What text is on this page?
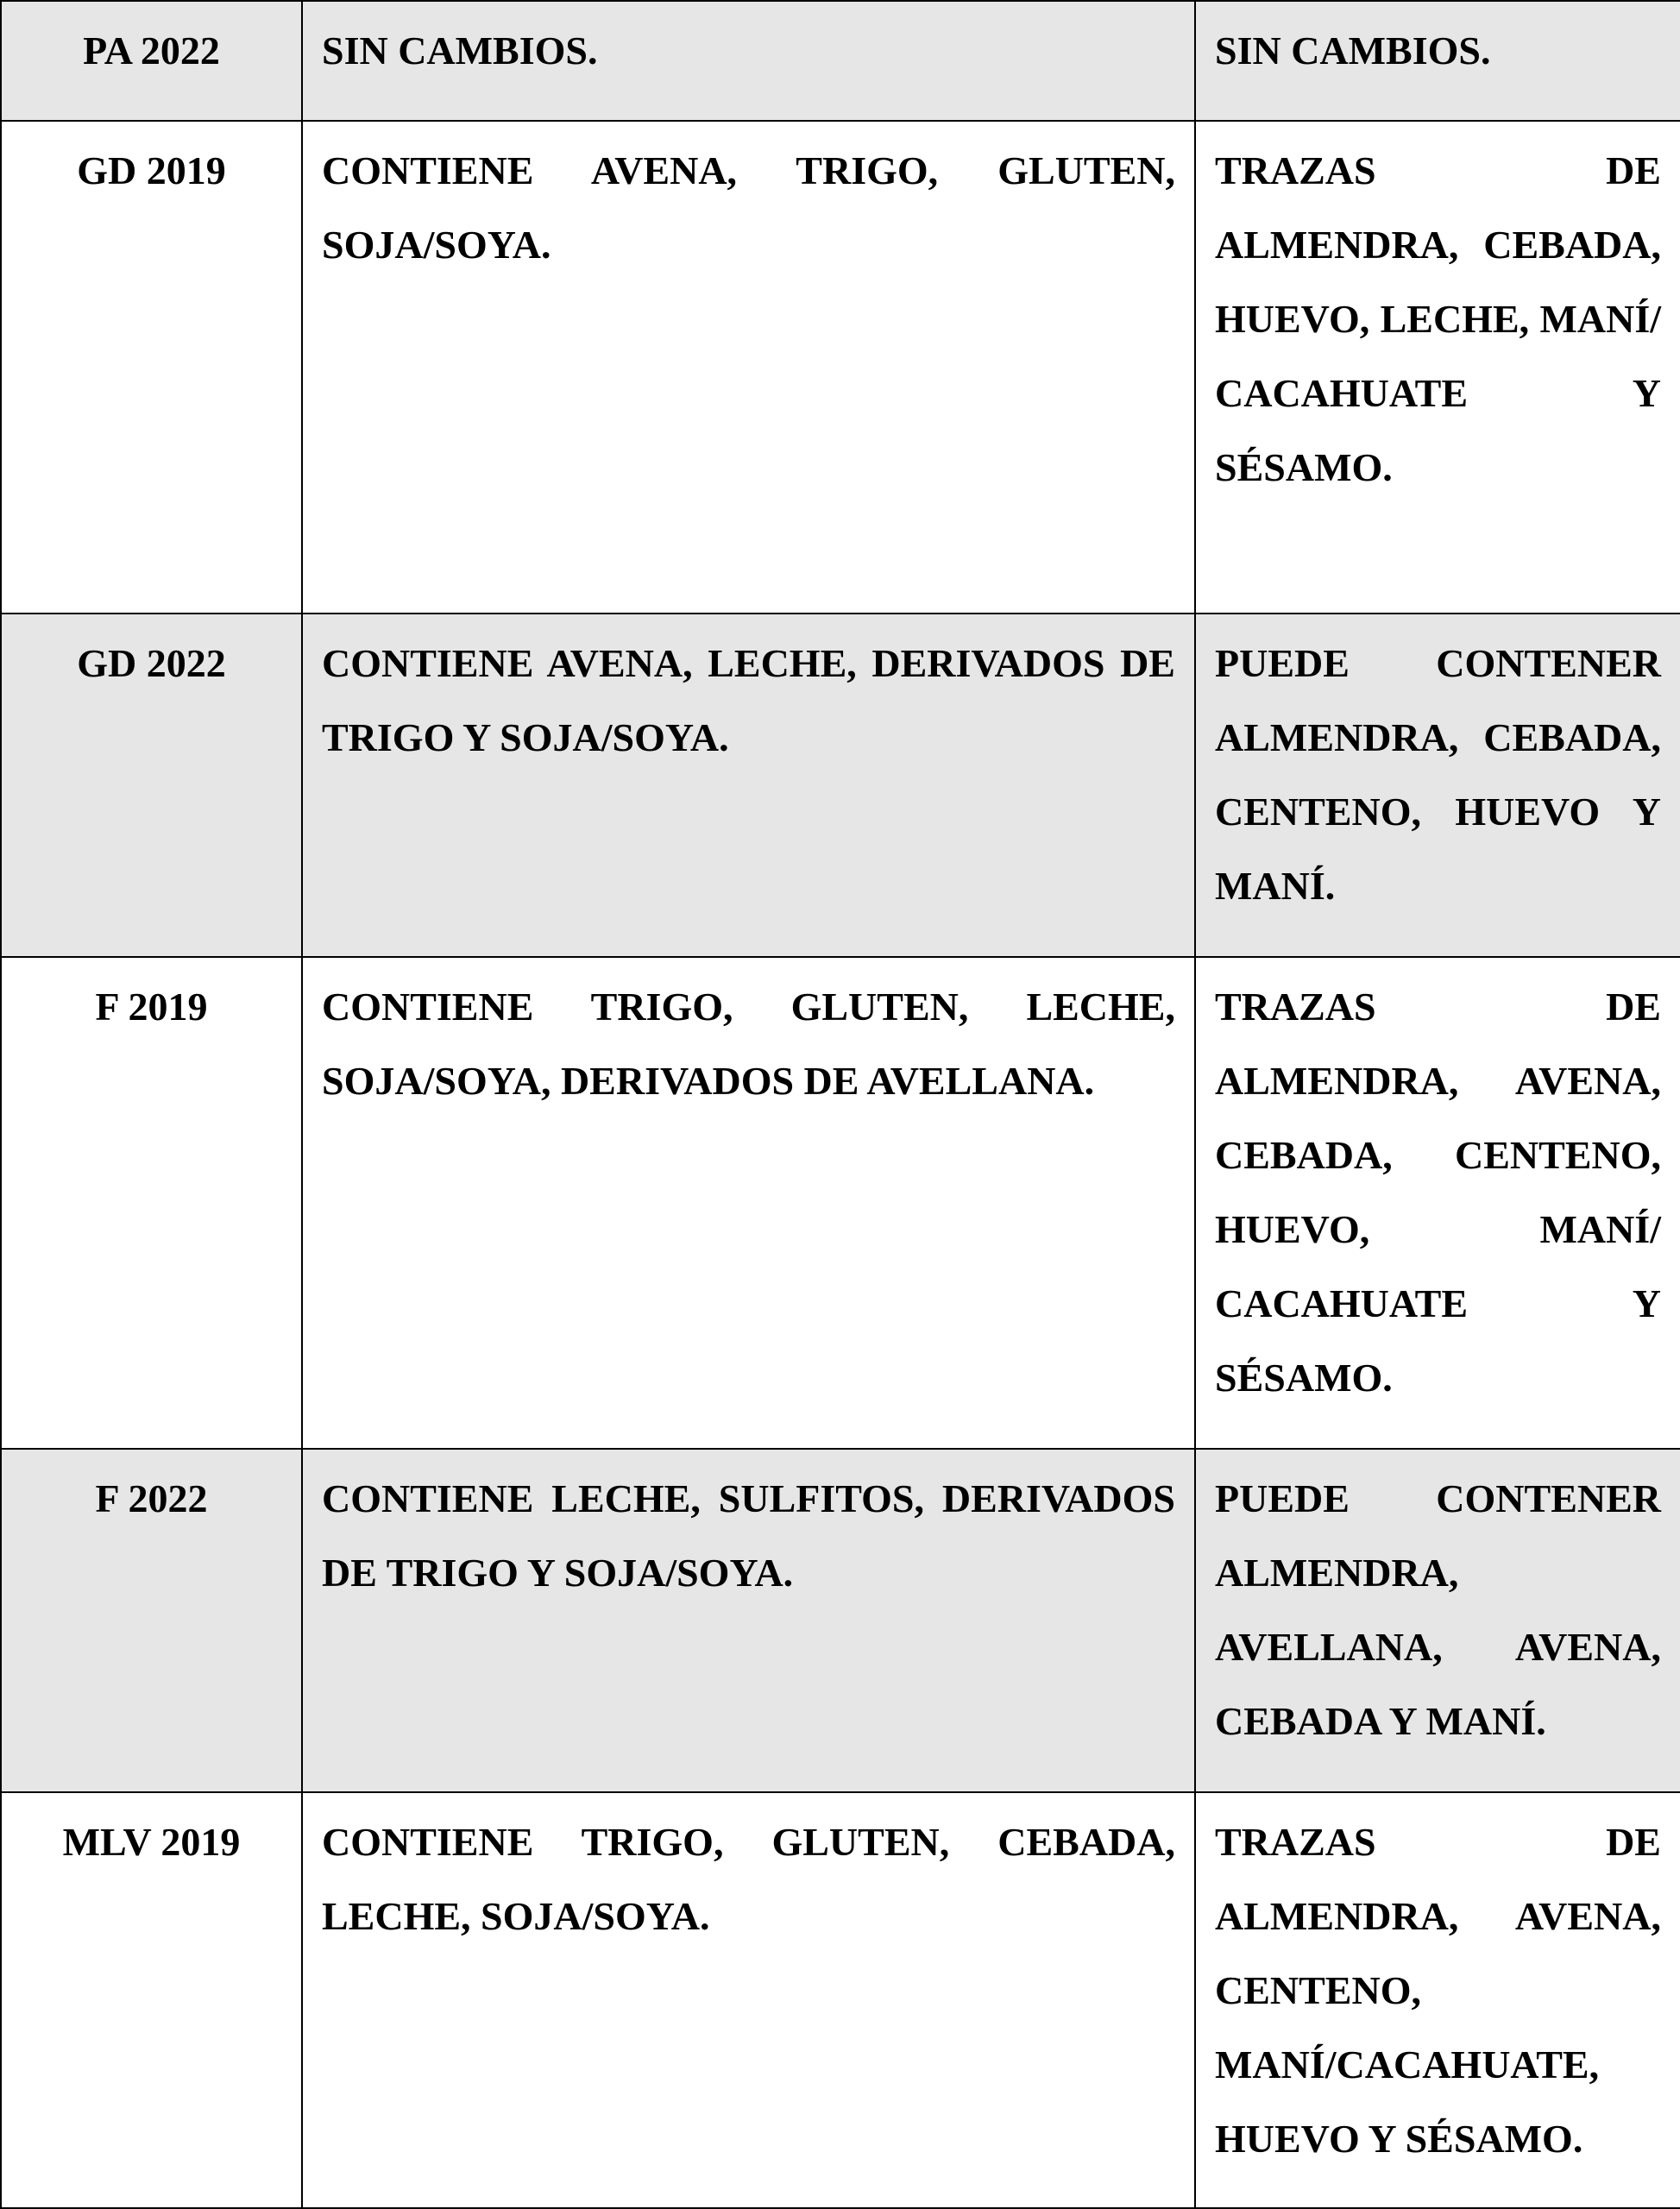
PA 2022	SIN CAMBIOS.	SIN CAMBIOS.
GD 2019	CONTIENE AVENA, TRIGO, GLUTEN, SOJA/SOYA.	TRAZAS DE ALMENDRA, CEBADA, HUEVO, LECHE, MANÍ/ CACAHUATE Y SÉSAMO.
GD 2022	CONTIENE AVENA, LECHE, DERIVADOS DE TRIGO Y SOJA/SOYA.	PUEDE CONTENER ALMENDRA, CEBADA, CENTENO, HUEVO Y MANÍ.
F 2019	CONTIENE TRIGO, GLUTEN, LECHE, SOJA/SOYA, DERIVADOS DE AVELLANA.	TRAZAS DE ALMENDRA, AVENA, CEBADA, CENTENO, HUEVO, MANÍ/ CACAHUATE Y SÉSAMO.
F 2022	CONTIENE LECHE, SULFITOS, DERIVADOS DE TRIGO Y SOJA/SOYA.	PUEDE CONTENER ALMENDRA, AVELLANA, AVENA, CEBADA Y MANÍ.
MLV 2019	CONTIENE TRIGO, GLUTEN, CEBADA, LECHE, SOJA/SOYA.	TRAZAS DE ALMENDRA, AVENA, CENTENO, MANÍ/CACAHUATE, HUEVO Y SÉSAMO.
